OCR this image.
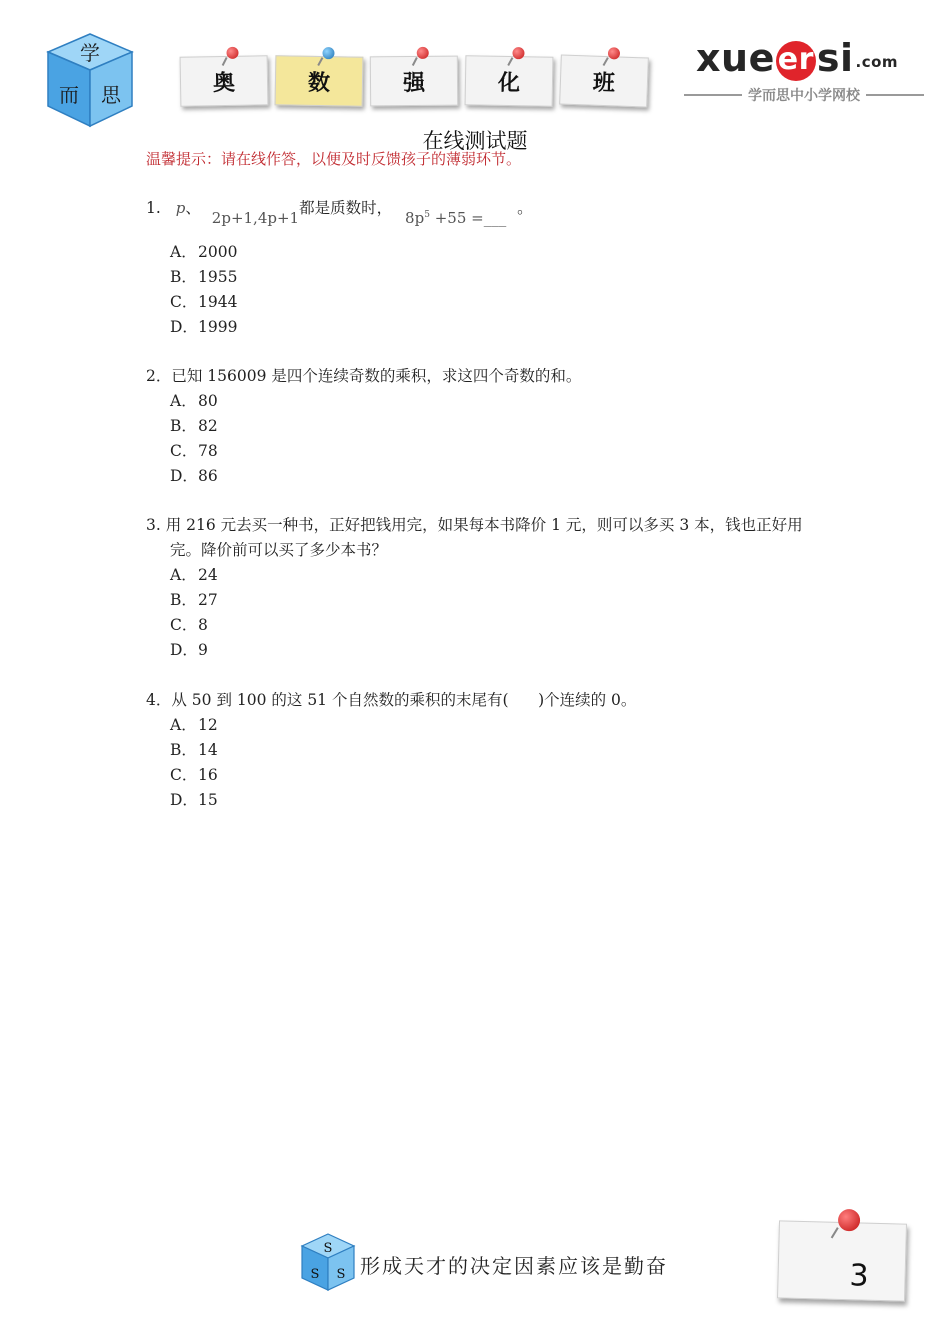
学
而 思	奥	数	强	化	班
xueersi .com
学而思中小学网校
在线测试题
温馨提示：请在线作答，以便及时反馈孩子的薄弱环节。
1. p、 2p+1,4p+1都是质数时， $8p^5 +55$ =___ 。
A．2000
B．1955
C．1944
D．1999
2．已知 156009 是四个连续奇数的乘积，求这四个奇数的和。
A．80
B．82
C．78
D．86
3. 用 216 元去买一种书，正好把钱用完，如果每本书降价 1 元，则可以多买 3 本，钱也正好用
完。降价前可以买了多少本书？
A．24
B．27
C．8
D．9
4．从 50 到 100 的这 51 个自然数的乘积的末尾有(      )个连续的 0。
A．12
B．14
C．16
D．15
S
S S 形成天才的决定因素应该是勤奋	3
